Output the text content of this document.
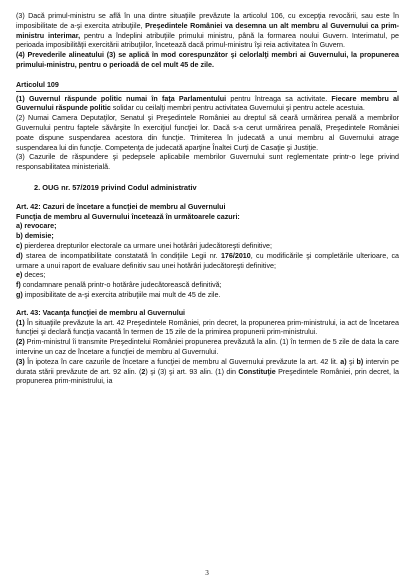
(3) Dacă primul-ministru se află în una dintre situaţiile prevăzute la articolul 106, cu excepţia revocării, sau este în imposibilitate de a-şi exercita atribuţiile, Preşedintele României va desemna un alt membru al Guvernului ca prim-ministru interimar, pentru a îndeplini atribuţiile primului ministru, până la formarea noului Guvern. Interimatul, pe perioada imposibilităţii exercitării atribuţiilor, încetează dacă primul-ministru îşi reia activitatea în Guvern.

(4) Prevederile alineatului (3) se aplică în mod corespunzător şi celorlalţi membri ai Guvernului, la propunerea primului-ministru, pentru o perioadă de cel mult 45 de zile.

Articolul 109

(1) Guvernul răspunde politic numai în faţa Parlamentului pentru întreaga sa activitate. Fiecare membru al Guvernului răspunde politic solidar cu ceilalţi membri pentru activitatea Guvernului şi pentru actele acestuia.

(2) Numai Camera Deputaţilor, Senatul şi Preşedintele României au dreptul să ceară urmărirea penală a membrilor Guvernului pentru faptele săvârşite în exerciţiul funcţiei lor. Dacă s-a cerut urmărirea penală, Preşedintele României poate dispune suspendarea acestora din funcţie. Trimiterea în judecată a unui membru al Guvernului atrage suspendarea lui din funcţie. Competenţa de judecată aparţine Înaltei Curţi de Casaţie şi Justiţie.

(3) Cazurile de răspundere şi pedepsele aplicabile membrilor Guvernului sunt reglementate printr-o lege privind responsabilitatea ministerială.

2. OUG nr. 57/2019 privind Codul administrativ

Art. 42: Cazuri de încetare a funcţiei de membru al Guvernului

Funcţia de membru al Guvernului încetează în următoarele cazuri:

a) revocare;

b) demisie;

c) pierderea drepturilor electorale ca urmare unei hotărâri judecătoreşti definitive;

d) starea de incompatibilitate constatată în condiţiile Legii nr. 176/2010, cu modificările şi completările ulterioare, ca urmare a unui raport de evaluare definitiv sau unei hotărâri judecătoreşti definitive;

e) deces;

f) condamnare penală printr-o hotărâre judecătorească definitivă;

g) imposibilitate de a-şi exercita atribuţiile mai mult de 45 de zile.

Art. 43: Vacanţa funcţiei de membru al Guvernului

(1) În situaţiile prevăzute la art. 42 Preşedintele României, prin decret, la propunerea prim-ministrului, ia act de încetarea funcţiei şi declară funcţia vacantă în termen de 15 zile de la primirea propunerii prim-ministrului.

(2) Prim-ministrul îi transmite Preşedintelui României propunerea prevăzută la alin. (1) în termen de 5 zile de data la care intervine un caz de încetare a funcţiei de membru al Guvernului.

(3) În ipoteza în care cazurile de încetare a funcţiei de membru al Guvernului prevăzute la art. 42 lit. a) şi b) intervin pe durata stării prevăzute de art. 92 alin. (2) şi (3) şi art. 93 alin. (1) din Constituţie Preşedintele României, prin decret, la propunerea prim-ministrului, ia

3
